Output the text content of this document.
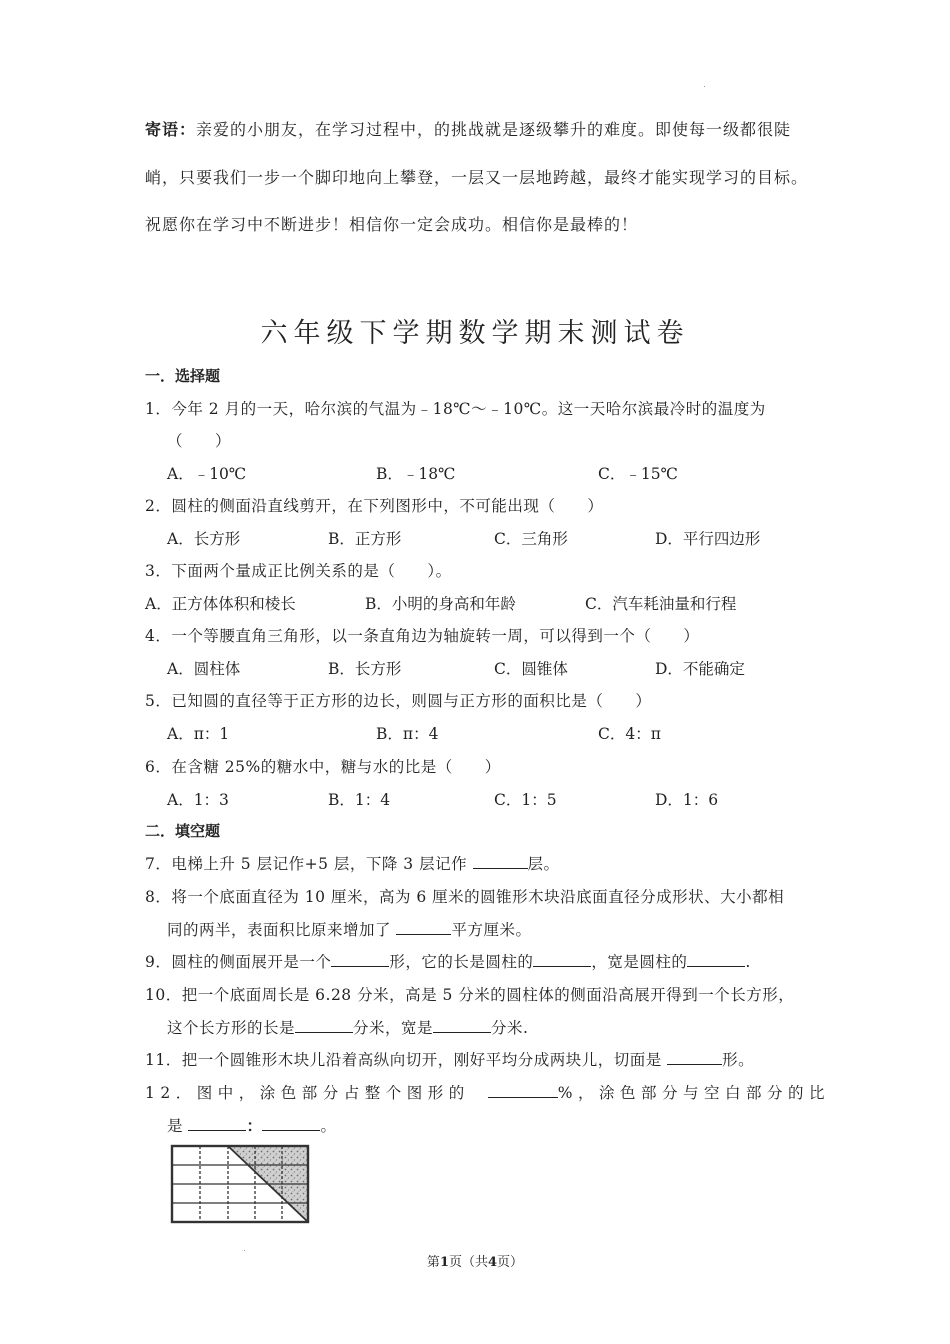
寄语：亲爱的小朋友，在学习过程中，的挑战就是逐级攀升的难度。即使每一级都很陡
峭，只要我们一步一个脚印地向上攀登，一层又一层地跨越，最终才能实现学习的目标。
祝愿你在学习中不断进步！相信你一定会成功。相信你是最棒的！
六年级下学期数学期末测试卷
一．选择题
1．今年 2 月的一天，哈尔滨的气温为﹣18℃～﹣10℃。这一天哈尔滨最冷时的温度为
（　　）
A．﹣10℃	B．﹣18℃	C．﹣15℃
2．圆柱的侧面沿直线剪开，在下列图形中，不可能出现（　　）
A．长方形	B．正方形	C．三角形	D．平行四边形
3．下面两个量成正比例关系的是（　　）。
A．正方体体积和棱长	B．小明的身高和年龄	C．汽车耗油量和行程
4．一个等腰直角三角形，以一条直角边为轴旋转一周，可以得到一个（　　）
A．圆柱体	B．长方形	C．圆锥体	D．不能确定
5．已知圆的直径等于正方形的边长，则圆与正方形的面积比是（　　）
A．π：1	B．π：4	C．4：π
6．在含糖 25%的糖水中，糖与水的比是（　　）
A．1：3	B．1：4	C．1：5	D．1：6
二．填空题
7．电梯上升 5 层记作+5 层，下降 3 层记作	层。
8．将一个底面直径为 10 厘米，高为 6 厘米的圆锥形木块沿底面直径分成形状、大小都相
同的两半，表面积比原来增加了	平方厘米。
9．圆柱的侧面展开是一个	形，它的长是圆柱的	，宽是圆柱的	.
10．把一个底面周长是 6.28 分米，高是 5 分米的圆柱体的侧面沿高展开得到一个长方形，
这个长方形的长是	分米，宽是	分米.
11．把一个圆锥形木块儿沿着高纵向切开，刚好平均分成两块儿，切面是	形。
12．图中，涂色部分占整个图形的	%，涂色部分与空白部分的比
是	：	。
第1页（共4页）
